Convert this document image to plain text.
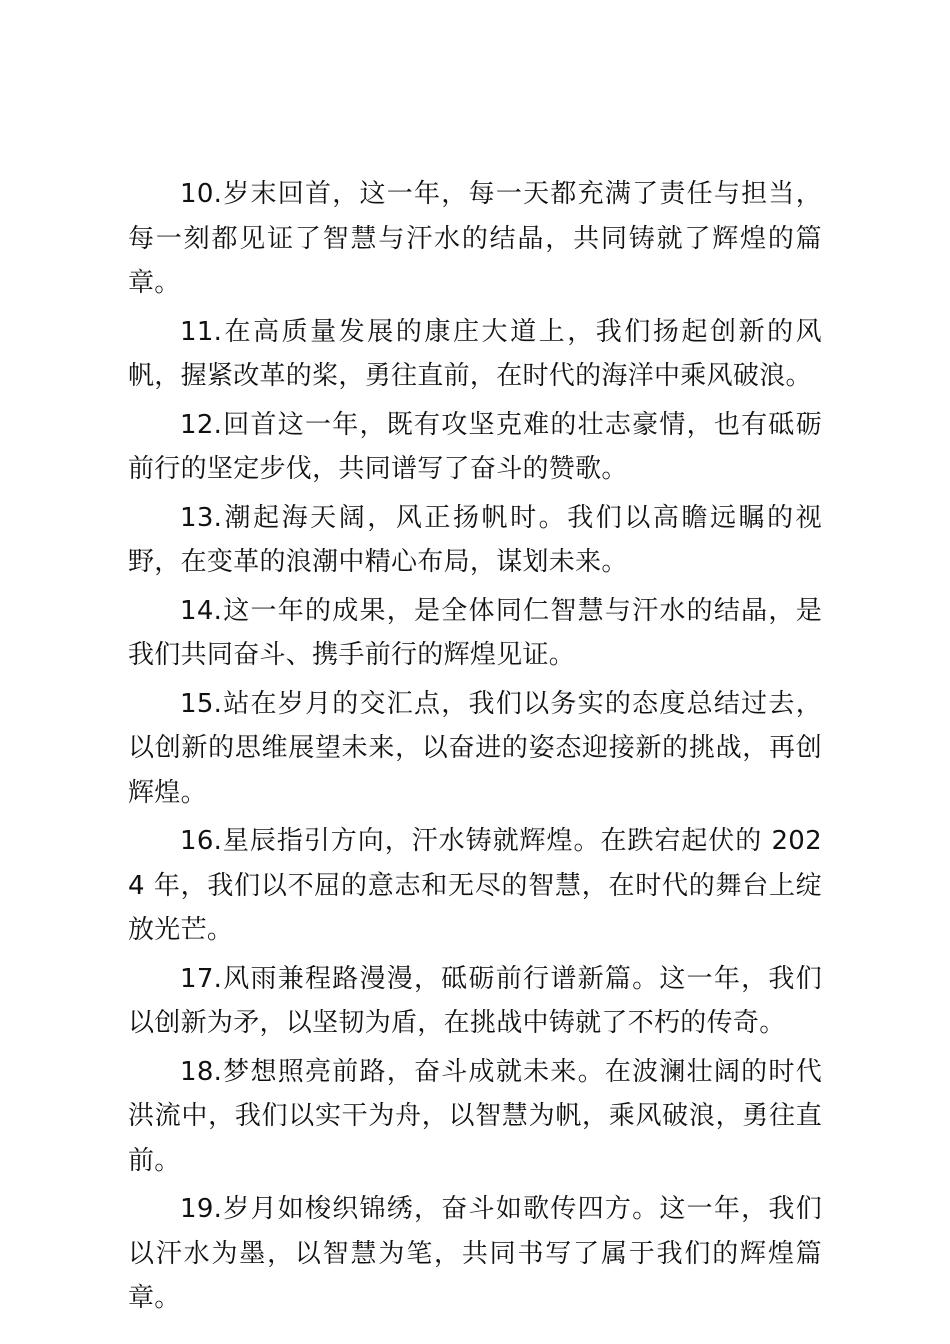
10.岁末回首，这一年，每一天都充满了责任与担当，每一刻都见证了智慧与汗水的结晶，共同铸就了辉煌的篇章。

11.在高质量发展的康庄大道上，我们扬起创新的风帆，握紧改革的桨，勇往直前，在时代的海洋中乘风破浪。

12.回首这一年，既有攻坚克难的壮志豪情，也有砥砺前行的坚定步伐，共同谱写了奋斗的赞歌。

13.潮起海天阔，风正扬帆时。我们以高瞻远瞩的视野，在变革的浪潮中精心布局，谋划未来。

14.这一年的成果，是全体同仁智慧与汗水的结晶，是我们共同奋斗、携手前行的辉煌见证。

15.站在岁月的交汇点，我们以务实的态度总结过去，以创新的思维展望未来，以奋进的姿态迎接新的挑战，再创辉煌。

16.星辰指引方向，汗水铸就辉煌。在跌宕起伏的 2024 年，我们以不屈的意志和无尽的智慧，在时代的舞台上绽放光芒。

17.风雨兼程路漫漫，砥砺前行谱新篇。这一年，我们以创新为矛，以坚韧为盾，在挑战中铸就了不朽的传奇。

18.梦想照亮前路，奋斗成就未来。在波澜壮阔的时代洪流中，我们以实干为舟，以智慧为帆，乘风破浪，勇往直前。

19.岁月如梭织锦绣，奋斗如歌传四方。这一年，我们以汗水为墨，以智慧为笔，共同书写了属于我们的辉煌篇章。
